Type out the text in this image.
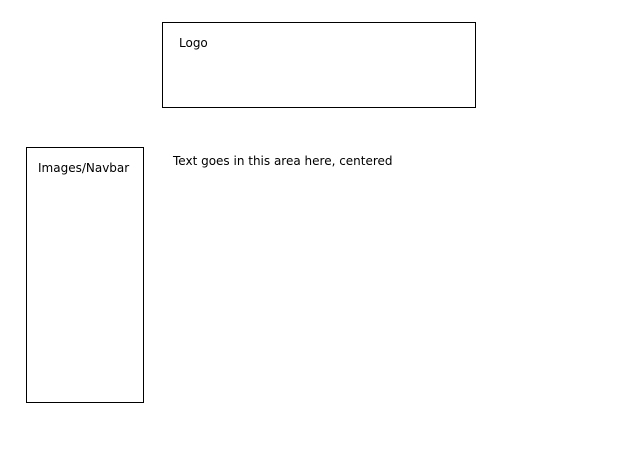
Logo
Images/Navbar	Text goes in this area here, centered
